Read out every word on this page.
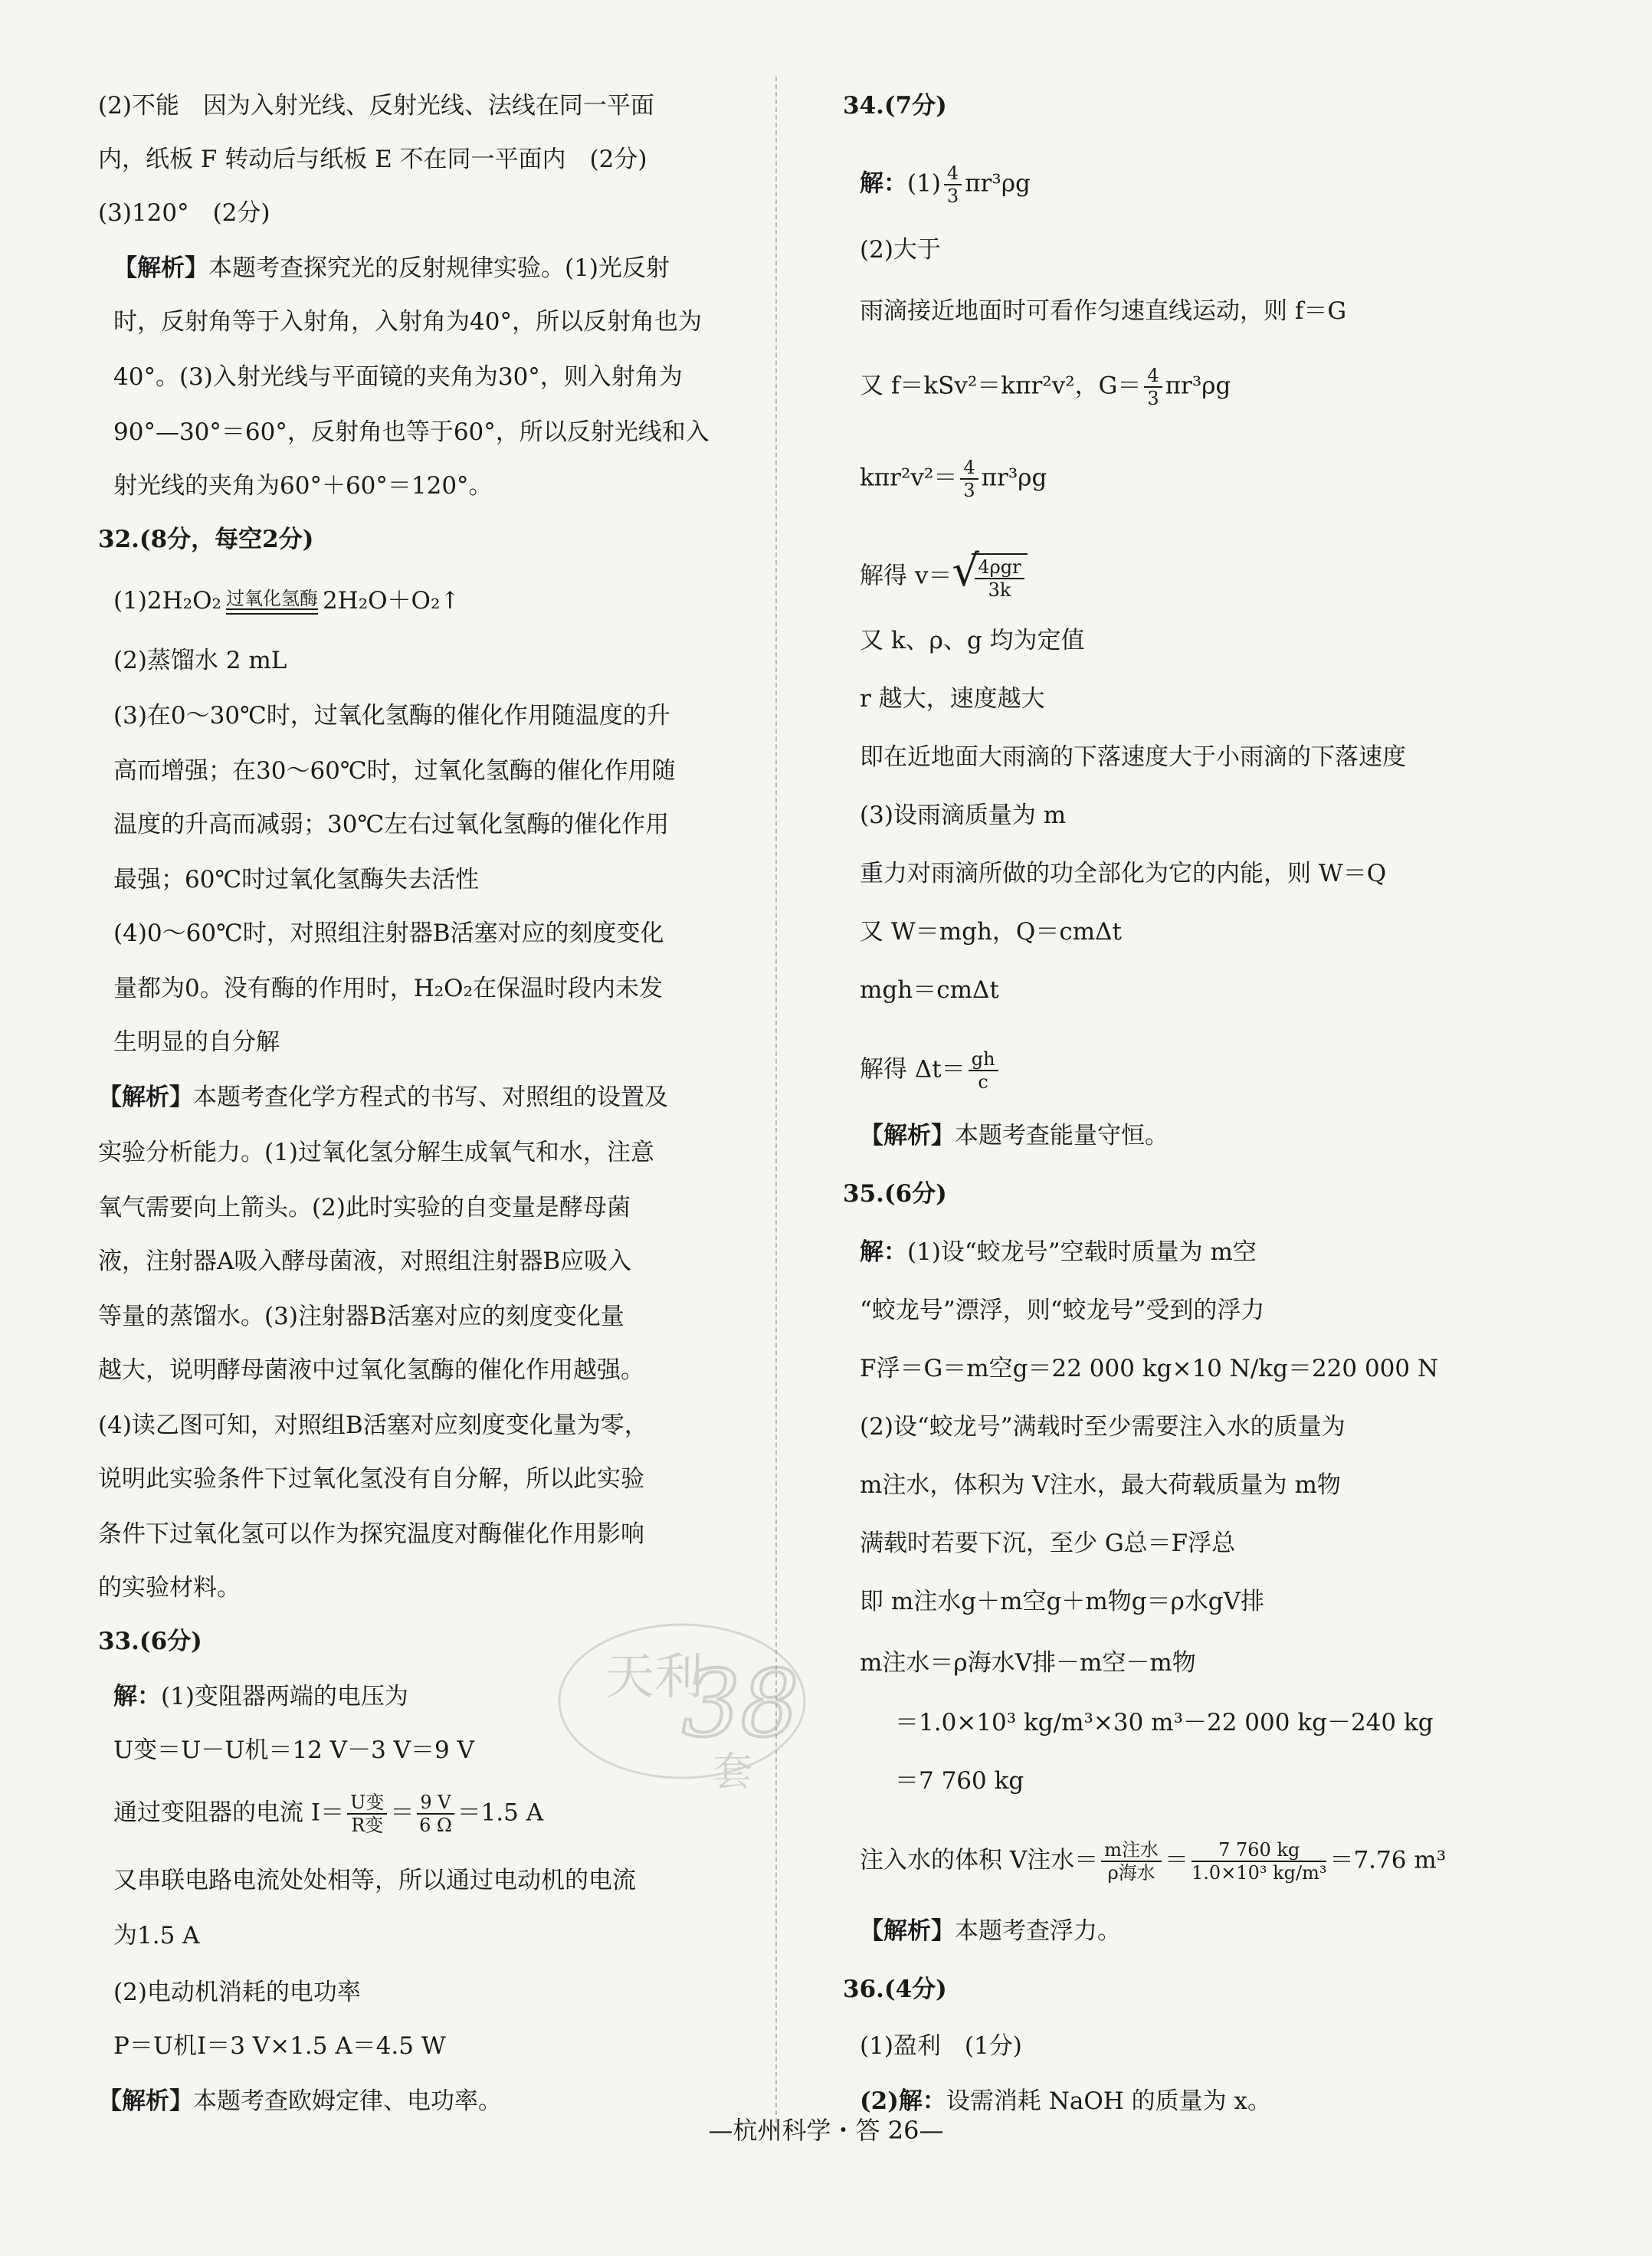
(2)不能　因为入射光线、反射光线、法线在同一平面
内，纸板 F 转动后与纸板 E 不在同一平面内　(2分)
(3)120°　(2分)
【解析】本题考查探究光的反射规律实验。(1)光反射
时，反射角等于入射角，入射角为40°，所以反射角也为
40°。(3)入射光线与平面镜的夹角为30°，则入射角为
90°—30°＝60°，反射角也等于60°，所以反射光线和入
射光线的夹角为60°＋60°＝120°。
32.(8分，每空2分)
(1)2H₂O₂ 过氧化氢酶 2H₂O＋O₂↑
(2)蒸馏水 2 mL
(3)在0～30℃时，过氧化氢酶的催化作用随温度的升
高而增强；在30～60℃时，过氧化氢酶的催化作用随
温度的升高而减弱；30℃左右过氧化氢酶的催化作用
最强；60℃时过氧化氢酶失去活性
(4)0～60℃时，对照组注射器B活塞对应的刻度变化
量都为0。没有酶的作用时，H₂O₂在保温时段内未发
生明显的自分解
【解析】本题考查化学方程式的书写、对照组的设置及
实验分析能力。(1)过氧化氢分解生成氧气和水，注意
氧气需要向上箭头。(2)此时实验的自变量是酵母菌
液，注射器A吸入酵母菌液，对照组注射器B应吸入
等量的蒸馏水。(3)注射器B活塞对应的刻度变化量
越大，说明酵母菌液中过氧化氢酶的催化作用越强。
(4)读乙图可知，对照组B活塞对应刻度变化量为零，
说明此实验条件下过氧化氢没有自分解，所以此实验
条件下过氧化氢可以作为探究温度对酶催化作用影响
的实验材料。
33.(6分)
解：(1)变阻器两端的电压为
U变＝U－U机＝12 V－3 V＝9 V
通过变阻器的电流 $I= \frac{\text{U变}}{\text{R变}} = \frac{9 V}{6 \Omega} =1.5$ A
又串联电路电流处处相等，所以通过电动机的电流
为1.5 A
(2)电动机消耗的电功率
P＝U机I＝3 V×1.5 A＝4.5 W
【解析】本题考查欧姆定律、电功率。
34.(7分)
解：$(1) \frac{4}{3} \pi r^3\rho g$
(2)大于
雨滴接近地面时可看作匀速直线运动，则 f＝G
又 f＝kSv²＝kπr²v²，$G= \frac{4}{3} \pi r^3\rho g$
$k\pi r^2v^2= \frac{4}{3} \pi r^3\rho g$
解得 v＝
√ $\frac{\text{4ρgr}}{3k}$
又 k、ρ、g 均为定值
r 越大，速度越大
即在近地面大雨滴的下落速度大于小雨滴的下落速度
(3)设雨滴质量为 m
重力对雨滴所做的功全部化为它的内能，则 W＝Q
又 W＝mgh，Q＝cmΔt
mgh＝cmΔt
解得 $\Delta t= \frac{gh}{c}$
【解析】本题考查能量守恒。
35.(6分)
解：(1)设“蛟龙号”空载时质量为 m空
“蛟龙号”漂浮，则“蛟龙号”受到的浮力
F浮＝G＝m空g＝22 000 kg×10 N/kg＝220 000 N
(2)设“蛟龙号”满载时至少需要注入水的质量为
m注水，体积为 V注水，最大荷载质量为 m物
满载时若要下沉，至少 G总＝F浮总
即 m注水g＋m空g＋m物g＝ρ水gV排
m注水＝ρ海水V排－m空－m物
＝1.0×10³ kg/m³×30 m³－22 000 kg－240 kg
＝7 760 kg
注入水的体积 V注水＝ $\frac{\text{m注水}}{\text{ρ海水}} = \frac{7 760 kg}{\text{1.0×10³ kg/m³}} =7.76$ m³
【解析】本题考查浮力。
36.(4分)
(1)盈利　(1分)
(2)解：设需消耗 NaOH 的质量为 x。
天利
38
套
—杭州科学・答 26—
